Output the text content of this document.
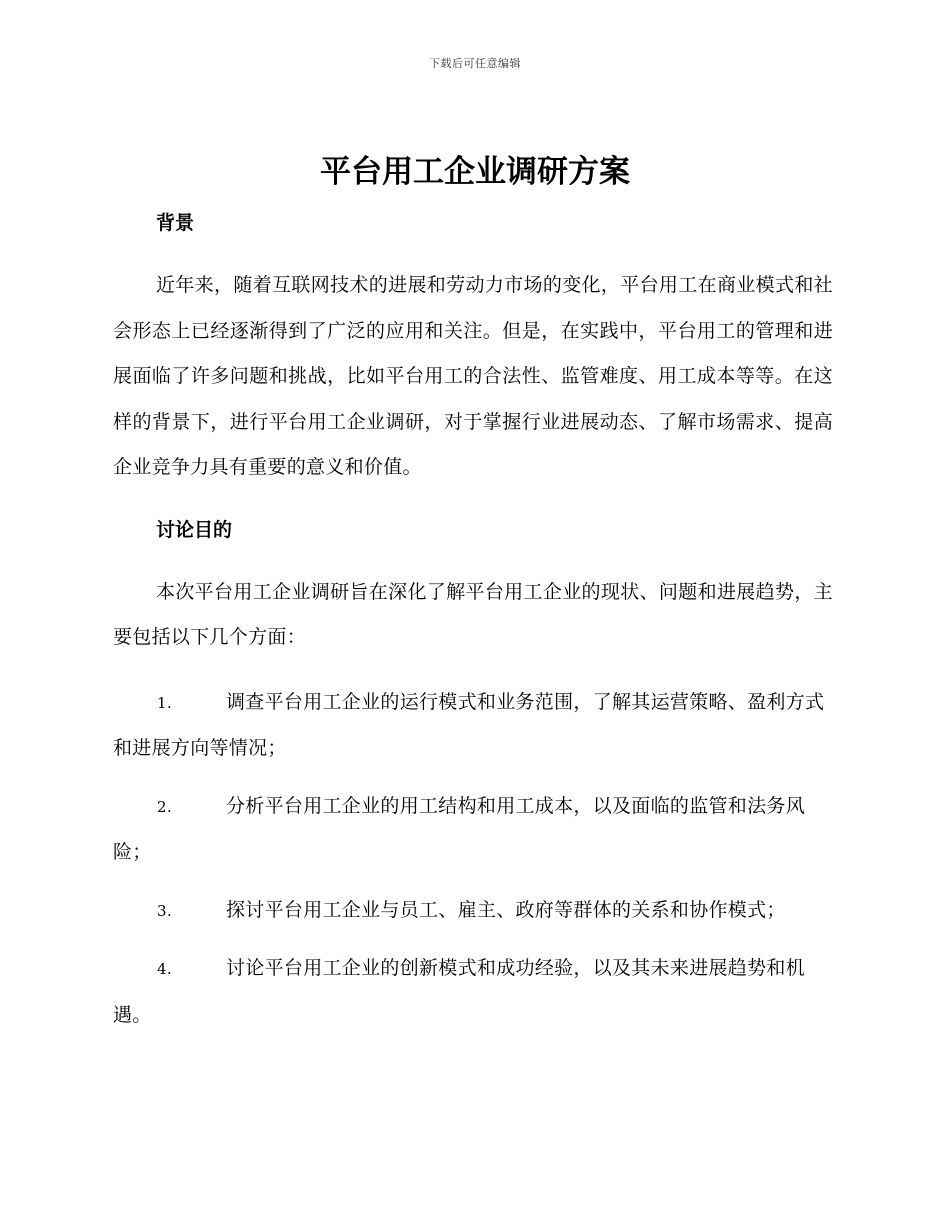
下载后可任意编辑
平台用工企业调研方案
背景

近年来，随着互联网技术的进展和劳动力市场的变化，平台用工在商业模式和社会形态上已经逐渐得到了广泛的应用和关注。但是，在实践中，平台用工的管理和进展面临了许多问题和挑战，比如平台用工的合法性、监管难度、用工成本等等。在这样的背景下，进行平台用工企业调研，对于掌握行业进展动态、了解市场需求、提高企业竞争力具有重要的意义和价值。

讨论目的

本次平台用工企业调研旨在深化了解平台用工企业的现状、问题和进展趋势，主要包括以下几个方面：

1.	调查平台用工企业的运行模式和业务范围，了解其运营策略、盈利方式和进展方向等情况；

2.	分析平台用工企业的用工结构和用工成本，以及面临的监管和法务风险；

3.	探讨平台用工企业与员工、雇主、政府等群体的关系和协作模式；

4.	讨论平台用工企业的创新模式和成功经验，以及其未来进展趋势和机遇。
